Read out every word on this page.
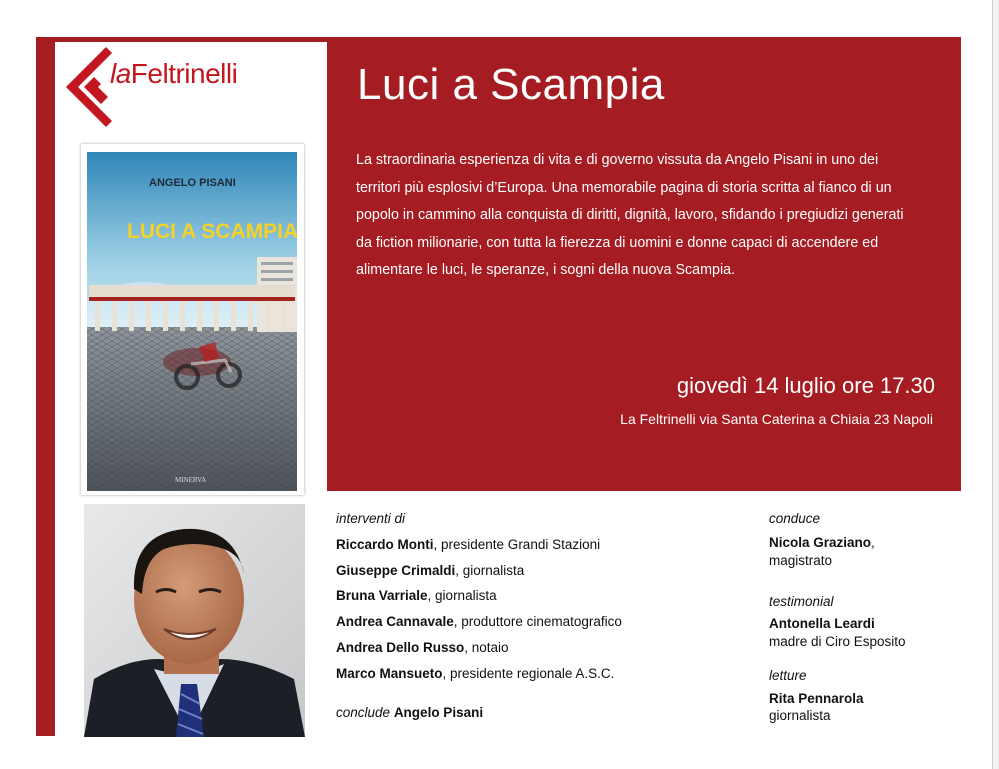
laFeltrinelli	Luci a Scampia
La straordinaria esperienza di vita e di governo vissuta da Angelo Pisani in uno dei territori più esplosivi d’Europa. Una memorabile pagina di storia scritta al fianco di un popolo in cammino alla conquista di diritti, dignità, lavoro, sfidando i pregiudizi generati da fiction milionarie, con tutta la fierezza di uomini e donne capaci di accendere ed alimentare le luci, le speranze, i sogni della nuova Scampia.
giovedì 14 luglio ore 17.30
La Feltrinelli via Santa Caterina a Chiaia 23 Napoli
ANGELO PISANI
LUCI A SCAMPIA
MINERVA
interventi di
Riccardo Monti, presidente Grandi Stazioni
Giuseppe Crimaldi, giornalista
Bruna Varriale, giornalista
Andrea Cannavale, produttore cinematografico
Andrea Dello Russo, notaio
Marco Mansueto, presidente regionale A.S.C.
conclude Angelo Pisani
conduce
Nicola Graziano,
magistrato
testimonial
Antonella Leardi
madre di Ciro Esposito
letture
Rita Pennarola
giornalista
